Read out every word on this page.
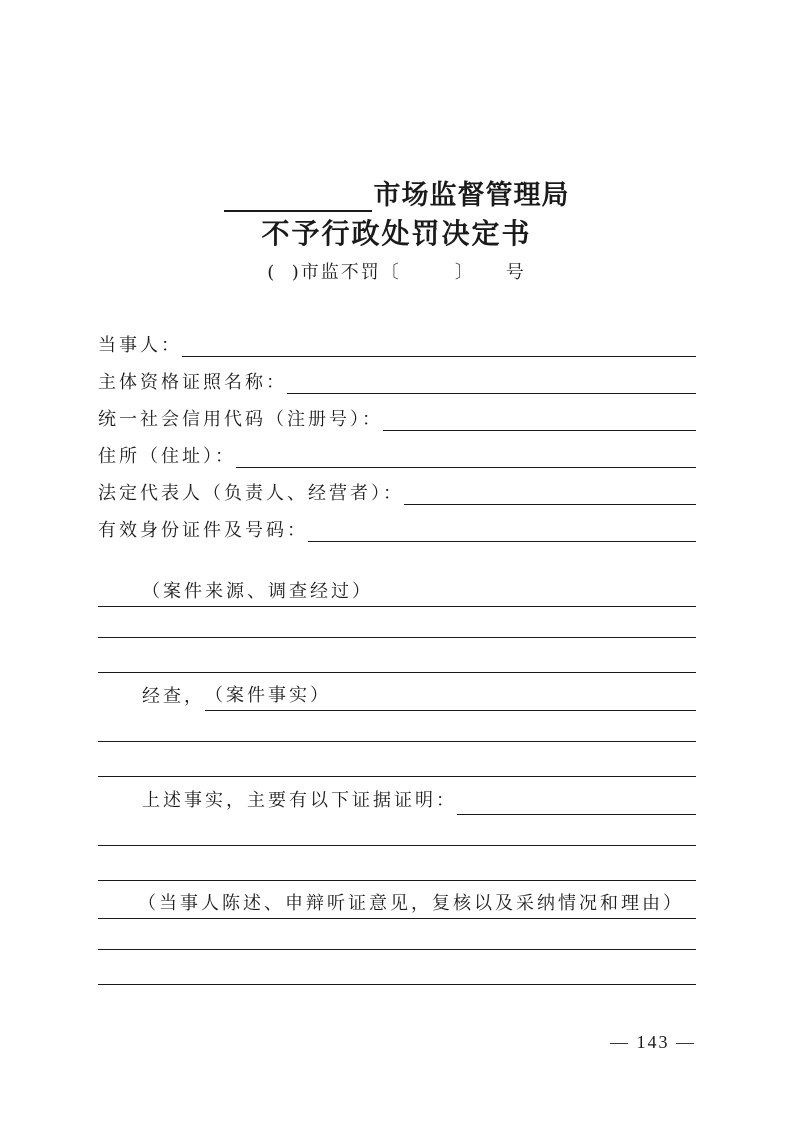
市场监督管理局
不予行政处罚决定书
(  )市监不罚〔       〕    号
当事人：
主体资格证照名称：
统一社会信用代码（注册号）：
住所（住址）：
法定代表人（负责人、经营者）：
有效身份证件及号码：
（案件来源、调查经过）
经查， （案件事实）
上述事实，主要有以下证据证明：
（当事人陈述、申辩听证意见，复核以及采纳情况和理由）
— 143 —
